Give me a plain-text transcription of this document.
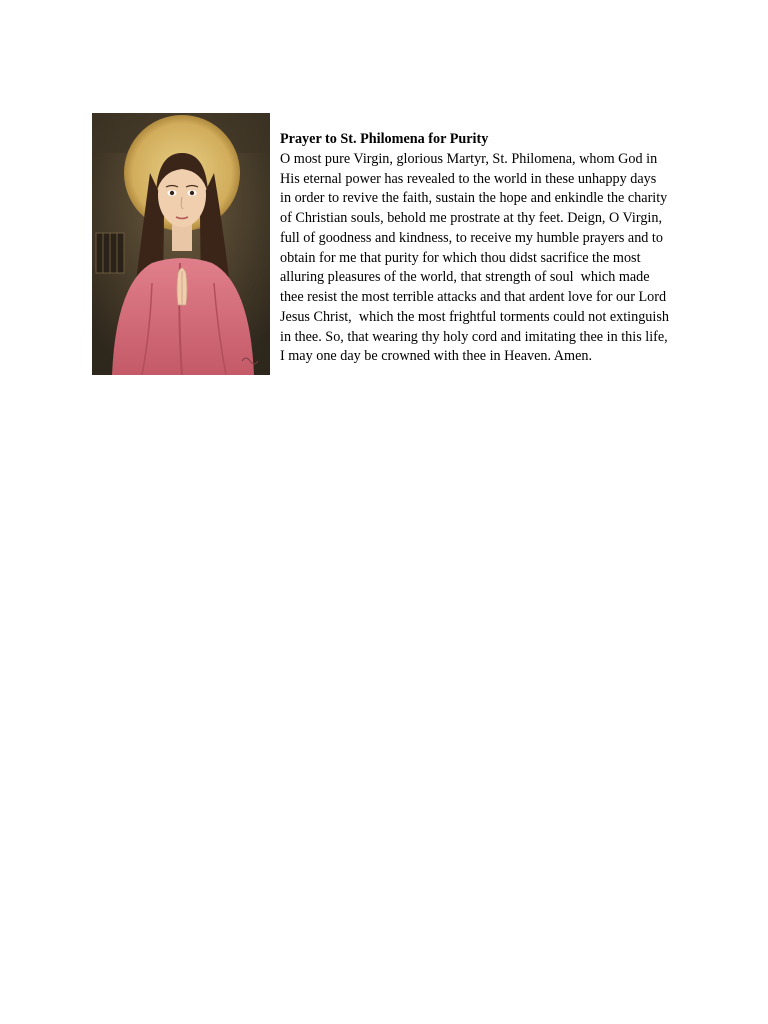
Prayer to St. Philomena for Purity

O most pure Virgin, glorious Martyr, St. Philomena, whom God in

His eternal power has revealed to the world in these unhappy days

in order to revive the faith, sustain the hope and enkindle the charity

of Christian souls, behold me prostrate at thy feet. Deign, O Virgin,

full of goodness and kindness, to receive my humble prayers and to

obtain for me that purity for which thou didst sacrifice the most

alluring pleasures of the world, that strength of soul  which made

thee resist the most terrible attacks and that ardent love for our Lord

Jesus Christ,  which the most frightful torments could not extinguish

in thee. So, that wearing thy holy cord and imitating thee in this life,

I may one day be crowned with thee in Heaven. Amen.
